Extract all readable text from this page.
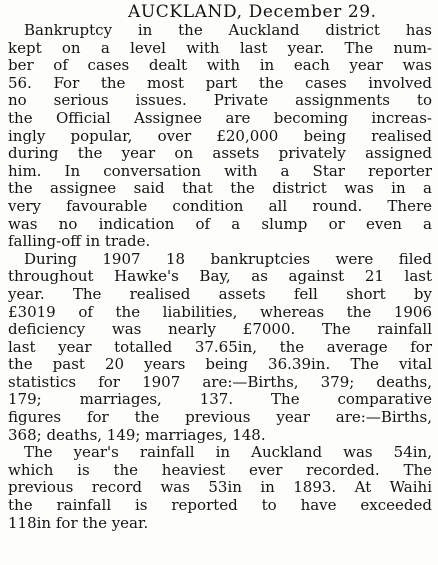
AUCKLAND, December 29.
Bankruptcy in the Auckland district has
kept on a level with last year. The num-
ber of cases dealt with in each year was
56. For the most part the cases involved
no serious issues. Private assignments to
the Official Assignee are becoming increas-
ingly popular, over £20,000 being realised
during the year on assets privately assigned
him. In conversation with a Star reporter
the assignee said that the district was in a
very favourable condition all round. There
was no indication of a slump or even a
falling-off in trade.
During 1907 18 bankruptcies were filed
throughout Hawke's Bay, as against 21 last
year. The realised assets fell short by
£3019 of the liabilities, whereas the 1906
deficiency was nearly £7000. The rainfall
last year totalled 37.65in, the average for
the past 20 years being 36.39in. The vital
statistics for 1907 are:—Births, 379; deaths,
179; marriages, 137. The comparative
figures for the previous year are:—Births,
368; deaths, 149; marriages, 148.
The year's rainfall in Auckland was 54in,
which is the heaviest ever recorded. The
previous record was 53in in 1893. At Waihi
the rainfall is reported to have exceeded
118in for the year.
